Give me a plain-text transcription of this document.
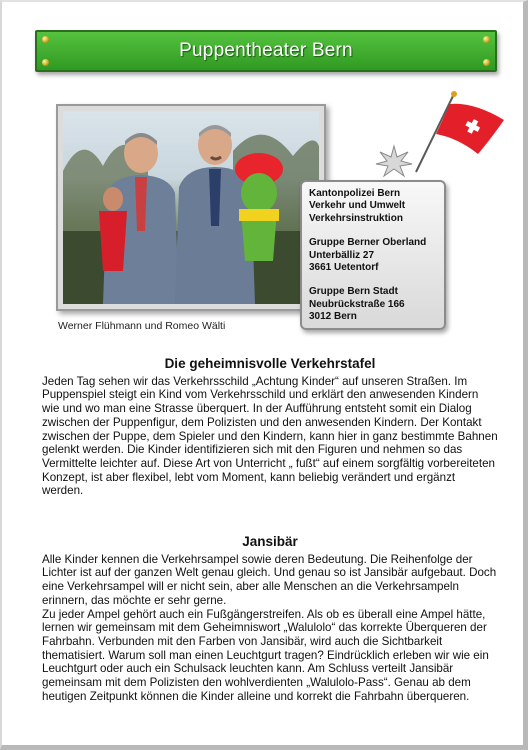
Puppentheater Bern
Werner Flühmann und Romeo Wälti
Kantonpolizei Bern
Verkehr und Umwelt
Verkehrsinstruktion
Gruppe Berner Oberland
Unterbälliz 27
3661 Uetentorf
Gruppe Bern Stadt
Neubrückstraße 166
3012 Bern
Die geheimnisvolle Verkehrstafel

Jeden Tag sehen wir das Verkehrsschild „Achtung Kinder“ auf unseren Straßen. Im Puppenspiel steigt ein Kind vom Verkehrsschild und erklärt den anwesenden Kindern wie und wo man eine Strasse überquert. In der Aufführung entsteht somit ein Dialog zwischen der Puppenfigur, dem Polizisten und den anwesenden Kindern. Der Kontakt zwischen der Puppe, dem Spieler und den Kindern, kann hier in ganz bestimmte Bahnen gelenkt werden. Die Kinder identifizieren sich mit den Figuren und nehmen so das Vermittelte leichter auf. Diese Art von Unterricht „ fußt“ auf einem sorgfältig vorbereiteten Konzept, ist aber flexibel, lebt vom Moment, kann beliebig verändert und ergänzt werden.

Jansibär

Alle Kinder kennen die Verkehrsampel sowie deren Bedeutung. Die Reihenfolge der Lichter ist auf der ganzen Welt genau gleich. Und genau so ist Jansibär aufgebaut. Doch eine Verkehrsampel will er nicht sein, aber alle Menschen an die Verkehrsampeln erinnern, das möchte er sehr gerne.

Zu jeder Ampel gehört auch ein Fußgängerstreifen. Als ob es überall eine Ampel hätte, lernen wir gemeinsam mit dem Geheimniswort „Walulolo“ das korrekte Überqueren der Fahrbahn. Verbunden mit den Farben von Jansibär, wird auch die Sichtbarkeit thematisiert. Warum soll man einen Leuchtgurt tragen? Eindrücklich erleben wir wie ein Leuchtgurt oder auch ein Schulsack leuchten kann. Am Schluss verteilt Jansibär gemeinsam mit dem Polizisten den wohlverdienten „Walulolo-Pass“. Genau ab dem heutigen Zeitpunkt können die Kinder alleine und korrekt die Fahrbahn überqueren.
